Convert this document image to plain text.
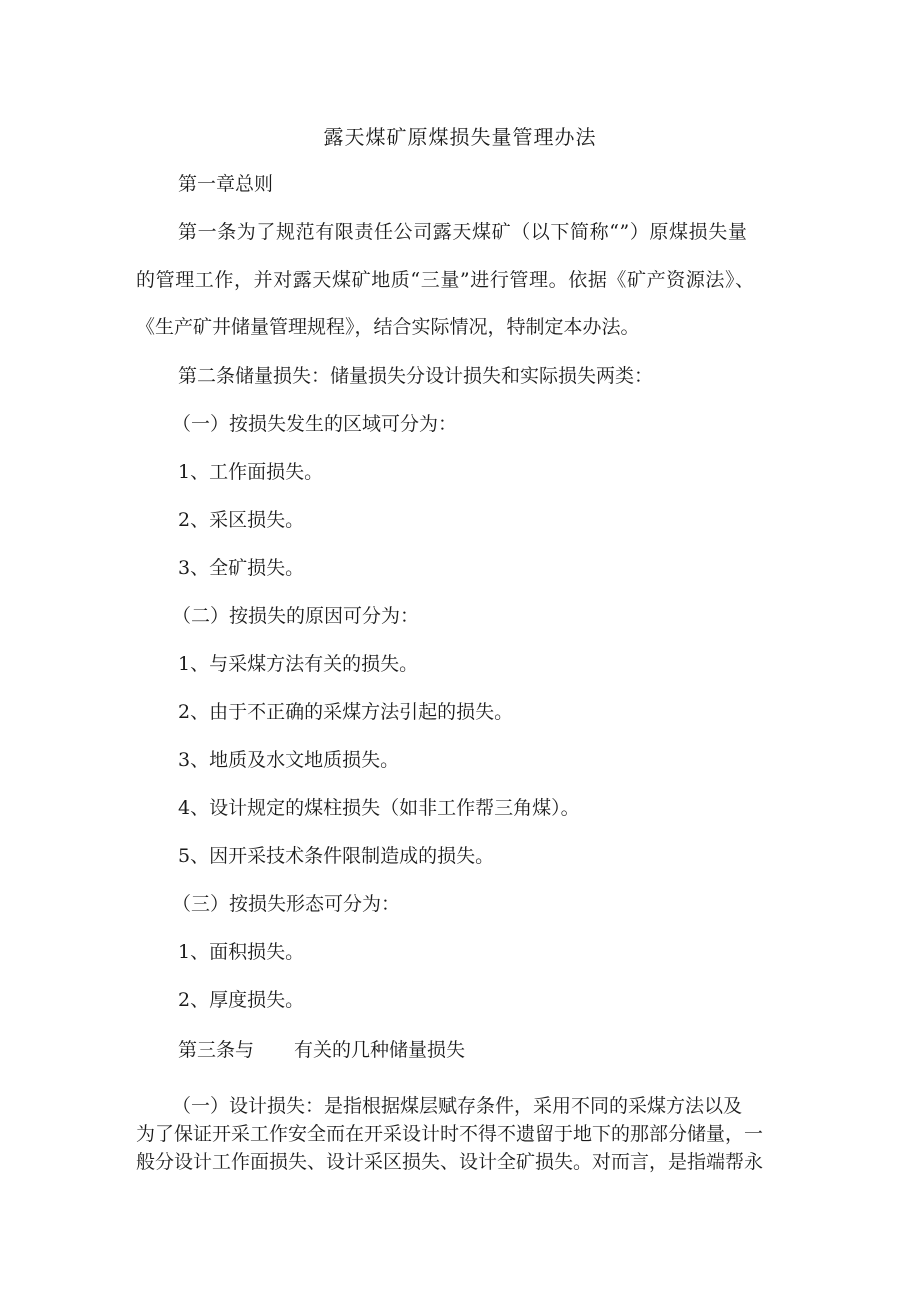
露天煤矿原煤损失量管理办法
第一章总则
第一条为了规范有限责任公司露天煤矿（以下简称“”）原煤损失量
的管理工作，并对露天煤矿地质“三量”进行管理。依据《矿产资源法》、
《生产矿井储量管理规程》，结合实际情况，特制定本办法。
第二条储量损失：储量损失分设计损失和实际损失两类：
（一）按损失发生的区域可分为：
1、工作面损失。
2、采区损失。
3、全矿损失。
（二）按损失的原因可分为：
1、与采煤方法有关的损失。
2、由于不正确的采煤方法引起的损失。
3、地质及水文地质损失。
4、设计规定的煤柱损失（如非工作帮三角煤）。
5、因开采技术条件限制造成的损失。
（三）按损失形态可分为：
1、面积损失。
2、厚度损失。
第三条与 有关的几种储量损失
（一）设计损失：是指根据煤层赋存条件，采用不同的采煤方法以及
为了保证开采工作安全而在开采设计时不得不遗留于地下的那部分储量，一
般分设计工作面损失、设计采区损失、设计全矿损失。对而言，是指端帮永
